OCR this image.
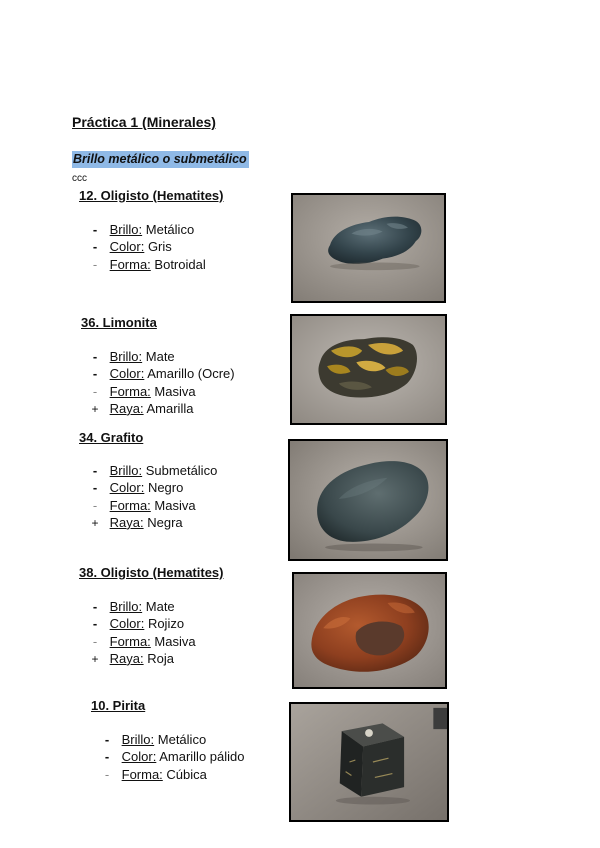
Práctica 1 (Minerales)
Brillo metálico o submetálico
ccc
12. Oligisto (Hematites)
- Brillo: Metálico
- Color: Gris
- Forma: Botroidal
36. Limonita
- Brillo: Mate
- Color: Amarillo (Ocre)
- Forma: Masiva
+ Raya: Amarilla
34. Grafito
- Brillo: Submetálico
- Color: Negro
- Forma: Masiva
+ Raya: Negra
38. Oligisto (Hematites)
- Brillo: Mate
- Color: Rojizo
- Forma: Masiva
+ Raya: Roja
10. Pirita
- Brillo: Metálico
- Color: Amarillo pálido
- Forma: Cúbica
